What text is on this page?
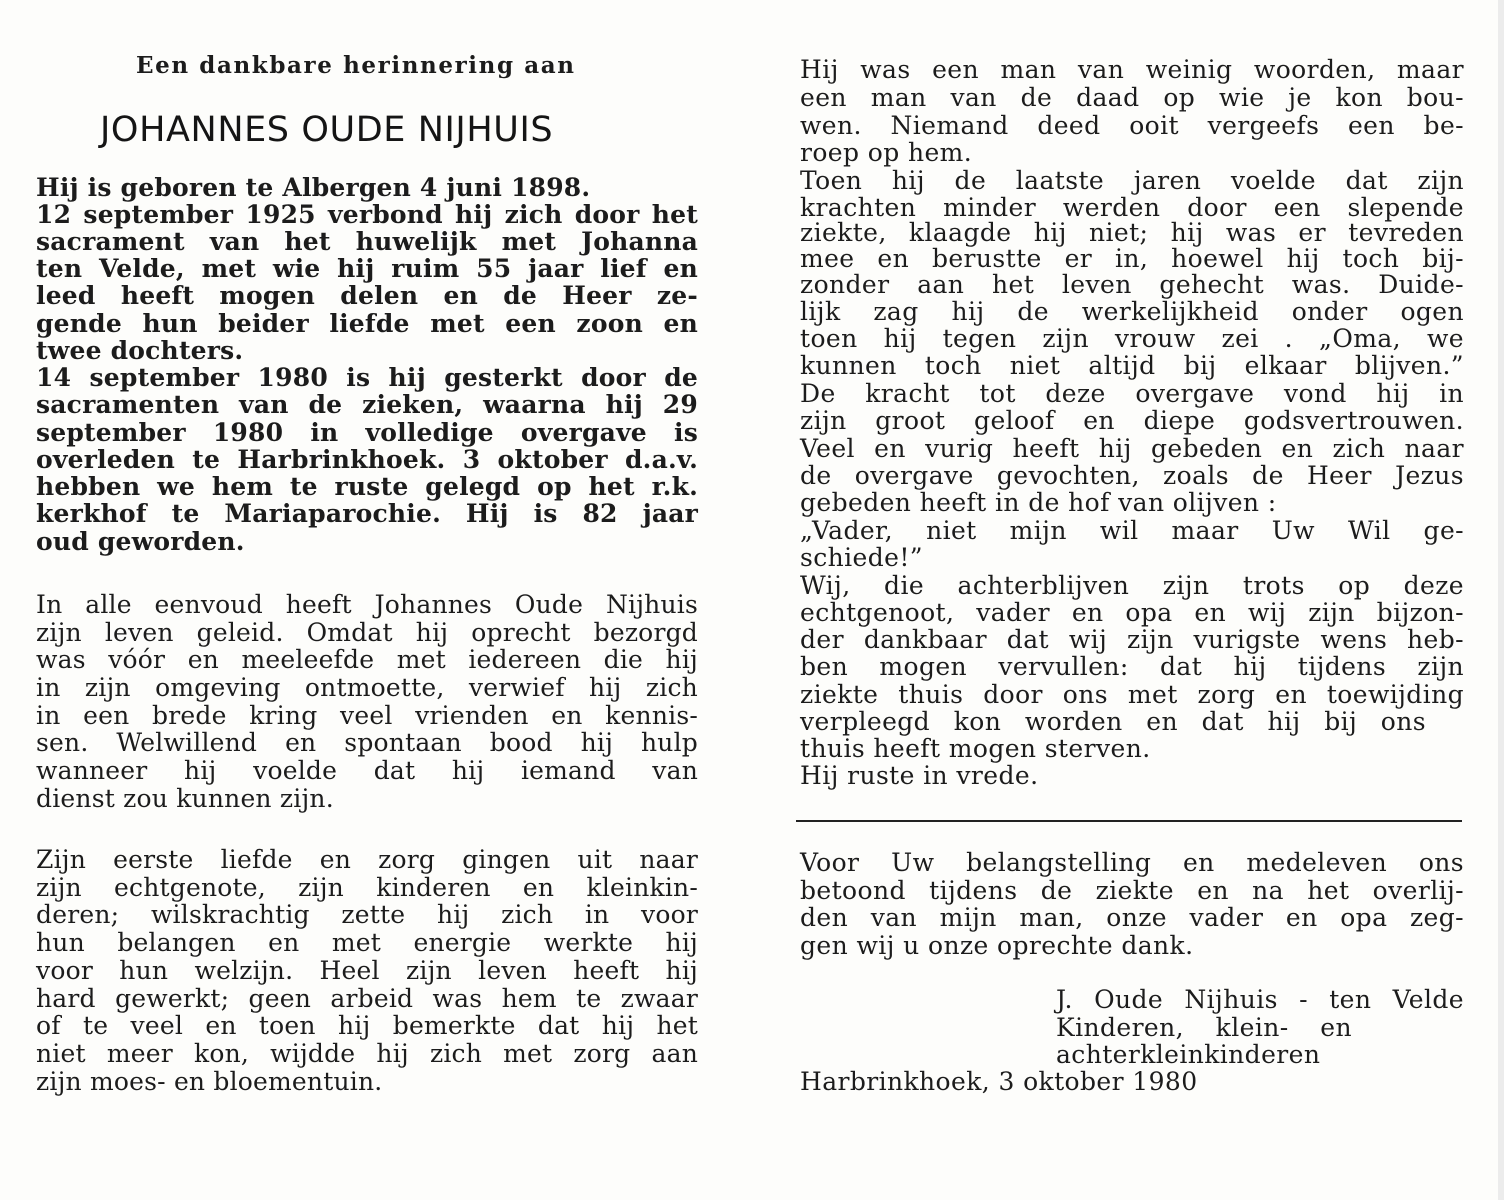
Een dankbare herinnering aan
JOHANNES OUDE NIJHUIS
Hij is geboren te Albergen 4 juni 1898.
12 september 1925 verbond hij zich door het
sacrament van het huwelijk met Johanna
ten Velde, met wie hij ruim 55 jaar lief en
leed heeft mogen delen en de Heer ze-
gende hun beider liefde met een zoon en
twee dochters.
14 september 1980 is hij gesterkt door de
sacramenten van de zieken, waarna hij 29
september 1980 in volledige overgave is
overleden te Harbrinkhoek. 3 oktober d.a.v.
hebben we hem te ruste gelegd op het r.k.
kerkhof te Mariaparochie. Hij is 82 jaar
oud geworden.
In alle eenvoud heeft Johannes Oude Nijhuis
zijn leven geleid. Omdat hij oprecht bezorgd
was vóór en meeleefde met iedereen die hij
in zijn omgeving ontmoette, verwief hij zich
in een brede kring veel vrienden en kennis-
sen. Welwillend en spontaan bood hij hulp
wanneer hij voelde dat hij iemand van
dienst zou kunnen zijn.
Zijn eerste liefde en zorg gingen uit naar
zijn echtgenote, zijn kinderen en kleinkin-
deren; wilskrachtig zette hij zich in voor
hun belangen en met energie werkte hij
voor hun welzijn. Heel zijn leven heeft hij
hard gewerkt; geen arbeid was hem te zwaar
of te veel en toen hij bemerkte dat hij het
niet meer kon, wijdde hij zich met zorg aan
zijn moes- en bloementuin.
Hij was een man van weinig woorden, maar
een man van de daad op wie je kon bou-
wen. Niemand deed ooit vergeefs een be-
roep op hem.
Toen hij de laatste jaren voelde dat zijn
krachten minder werden door een slepende
ziekte, klaagde hij niet; hij was er tevreden
mee en berustte er in, hoewel hij toch bij-
zonder aan het leven gehecht was. Duide-
lijk zag hij de werkelijkheid onder ogen
toen hij tegen zijn vrouw zei . „Oma, we
kunnen toch niet altijd bij elkaar blijven.”
De kracht tot deze overgave vond hij in
zijn groot geloof en diepe godsvertrouwen.
Veel en vurig heeft hij gebeden en zich naar
de overgave gevochten, zoals de Heer Jezus
gebeden heeft in de hof van olijven :
„Vader, niet mijn wil maar Uw Wil ge-
schiede!”
Wij, die achterblijven zijn trots op deze
echtgenoot, vader en opa en wij zijn bijzon-
der dankbaar dat wij zijn vurigste wens heb-
ben mogen vervullen: dat hij tijdens zijn
ziekte thuis door ons met zorg en toewijding
verpleegd kon worden en dat hij bij ons
thuis heeft mogen sterven.
Hij ruste in vrede.
Voor Uw belangstelling en medeleven ons
betoond tijdens de ziekte en na het overlij-
den van mijn man, onze vader en opa zeg-
gen wij u onze oprechte dank.
J. Oude Nijhuis - ten Velde
Kinderen, klein- en
achterkleinkinderen
Harbrinkhoek, 3 oktober 1980
